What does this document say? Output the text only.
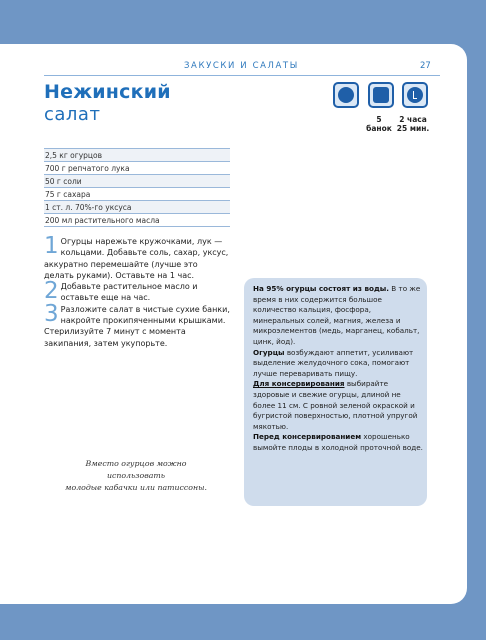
ЗАКУСКИ И САЛАТЫ	27
Нежинский
салат	5
банок
2 часа
25 мин.
2,5 кг огурцов
700 г репчатого лука
50 г соли
75 г сахара
1 ст. л. 70%-го уксуса
200 мл растительного масла
1 Огурцы нарежьте кружочками, лук — кольцами. Добавьте соль, сахар, уксус, аккуратно перемешайте (лучше это делать руками). Оставьте на 1 час.
2 Добавьте растительное масло и оставьте еще на час.
3 Разложите салат в чистые сухие банки, накройте прокипяченными крышками. Стерилизуйте 7 минут с момента закипания, затем укупорьте.
Вместо огурцов можно использовать
молодые кабачки или патиссоны.

На 95% огурцы состоят из воды. В то же время в них содержится большое количество кальция, фосфора, минеральных солей, магния, железа и микроэлементов (медь, марганец, кобальт, цинк, йод).

Огурцы возбуждают аппетит, усиливают выделение желудочного сока, помогают лучше переваривать пищу.

Для консервирования выбирайте здоровые и свежие огурцы, длиной не более 11 см. С ровной зеленой окраской и бугристой поверхностью, плотной упругой мякотью.

Перед консервированием хорошенько вымойте плоды в холодной проточной воде.
